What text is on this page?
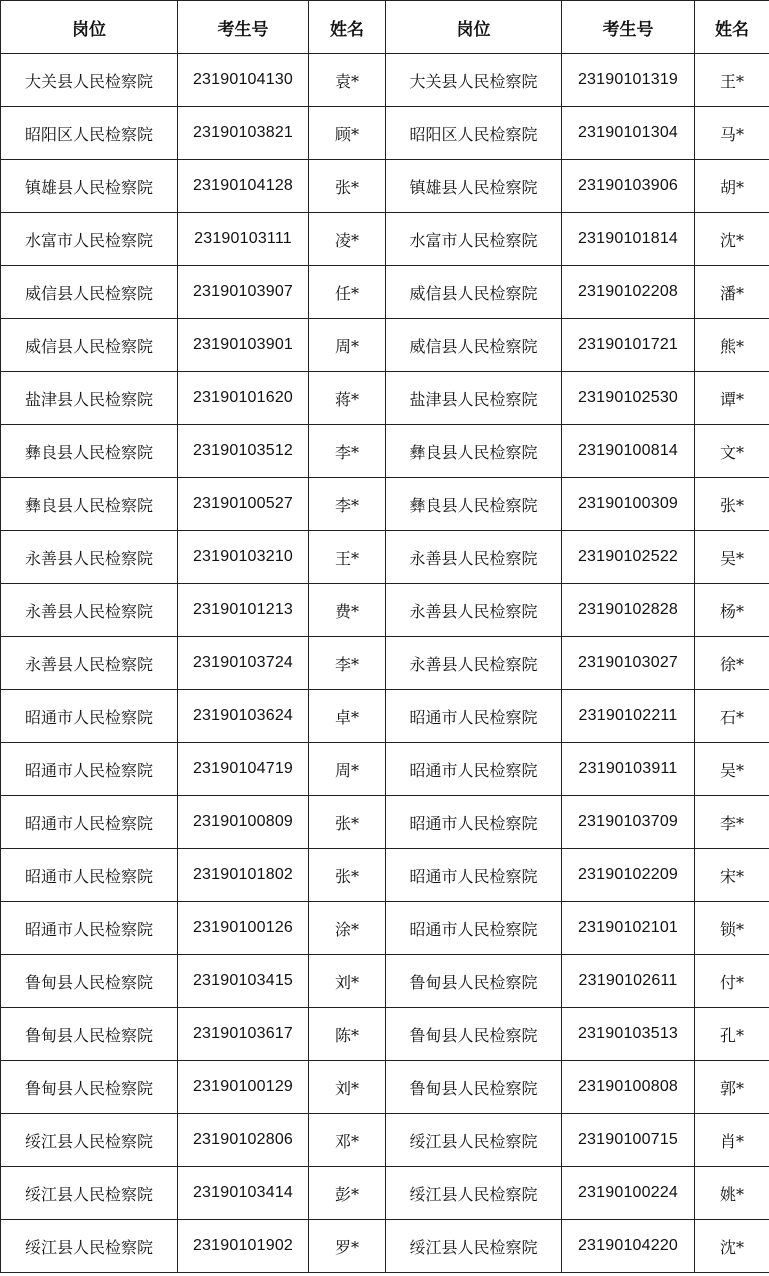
岗位	考生号	姓名	岗位	考生号	姓名
大关县人民检察院	23190104130	袁*	大关县人民检察院	23190101319	王*
昭阳区人民检察院	23190103821	顾*	昭阳区人民检察院	23190101304	马*
镇雄县人民检察院	23190104128	张*	镇雄县人民检察院	23190103906	胡*
水富市人民检察院	23190103111	凌*	水富市人民检察院	23190101814	沈*
威信县人民检察院	23190103907	任*	威信县人民检察院	23190102208	潘*
威信县人民检察院	23190103901	周*	威信县人民检察院	23190101721	熊*
盐津县人民检察院	23190101620	蒋*	盐津县人民检察院	23190102530	谭*
彝良县人民检察院	23190103512	李*	彝良县人民检察院	23190100814	文*
彝良县人民检察院	23190100527	李*	彝良县人民检察院	23190100309	张*
永善县人民检察院	23190103210	王*	永善县人民检察院	23190102522	吴*
永善县人民检察院	23190101213	费*	永善县人民检察院	23190102828	杨*
永善县人民检察院	23190103724	李*	永善县人民检察院	23190103027	徐*
昭通市人民检察院	23190103624	卓*	昭通市人民检察院	23190102211	石*
昭通市人民检察院	23190104719	周*	昭通市人民检察院	23190103911	吴*
昭通市人民检察院	23190100809	张*	昭通市人民检察院	23190103709	李*
昭通市人民检察院	23190101802	张*	昭通市人民检察院	23190102209	宋*
昭通市人民检察院	23190100126	涂*	昭通市人民检察院	23190102101	锁*
鲁甸县人民检察院	23190103415	刘*	鲁甸县人民检察院	23190102611	付*
鲁甸县人民检察院	23190103617	陈*	鲁甸县人民检察院	23190103513	孔*
鲁甸县人民检察院	23190100129	刘*	鲁甸县人民检察院	23190100808	郭*
绥江县人民检察院	23190102806	邓*	绥江县人民检察院	23190100715	肖*
绥江县人民检察院	23190103414	彭*	绥江县人民检察院	23190100224	姚*
绥江县人民检察院	23190101902	罗*	绥江县人民检察院	23190104220	沈*
